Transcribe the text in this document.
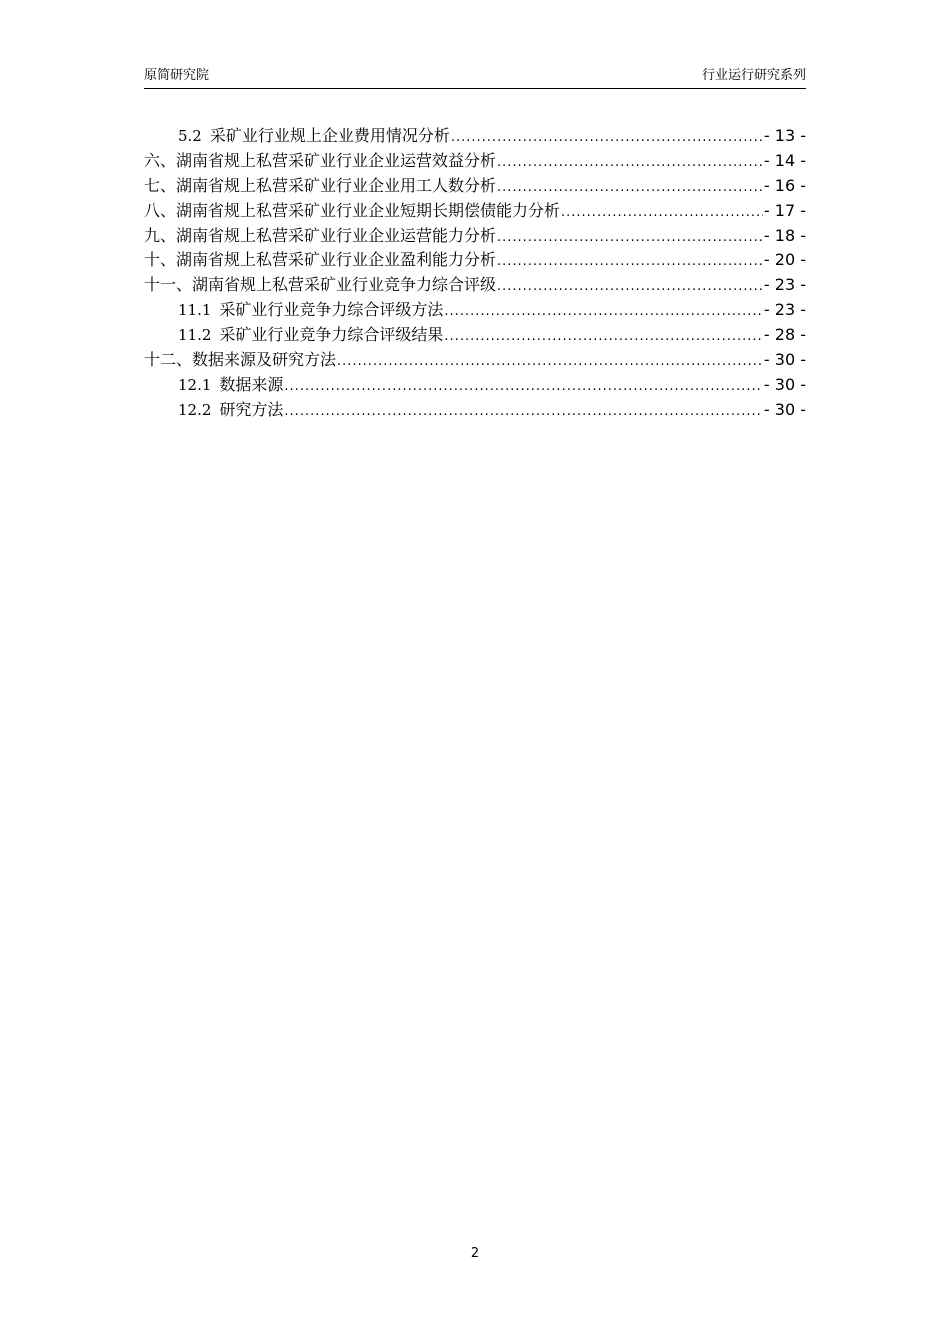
原简研究院	行业运行研究系列
5.2 采矿业行业规上企业费用情况分析 .....	- 13 -
六、湖南省规上私营采矿业行业企业运营效益分析 .....	- 14 -
七、湖南省规上私营采矿业行业企业用工人数分析 .....	- 16 -
八、湖南省规上私营采矿业行业企业短期长期偿债能力分析 .....	- 17 -
九、湖南省规上私营采矿业行业企业运营能力分析 .....	- 18 -
十、湖南省规上私营采矿业行业企业盈利能力分析 .....	- 20 -
十一、湖南省规上私营采矿业行业竞争力综合评级 .....	- 23 -
11.1 采矿业行业竞争力综合评级方法 .....	- 23 -
11.2 采矿业行业竞争力综合评级结果 .....	- 28 -
十二、数据来源及研究方法 .....	- 30 -
12.1 数据来源 .....	- 30 -
12.2 研究方法 .....	- 30 -
2
